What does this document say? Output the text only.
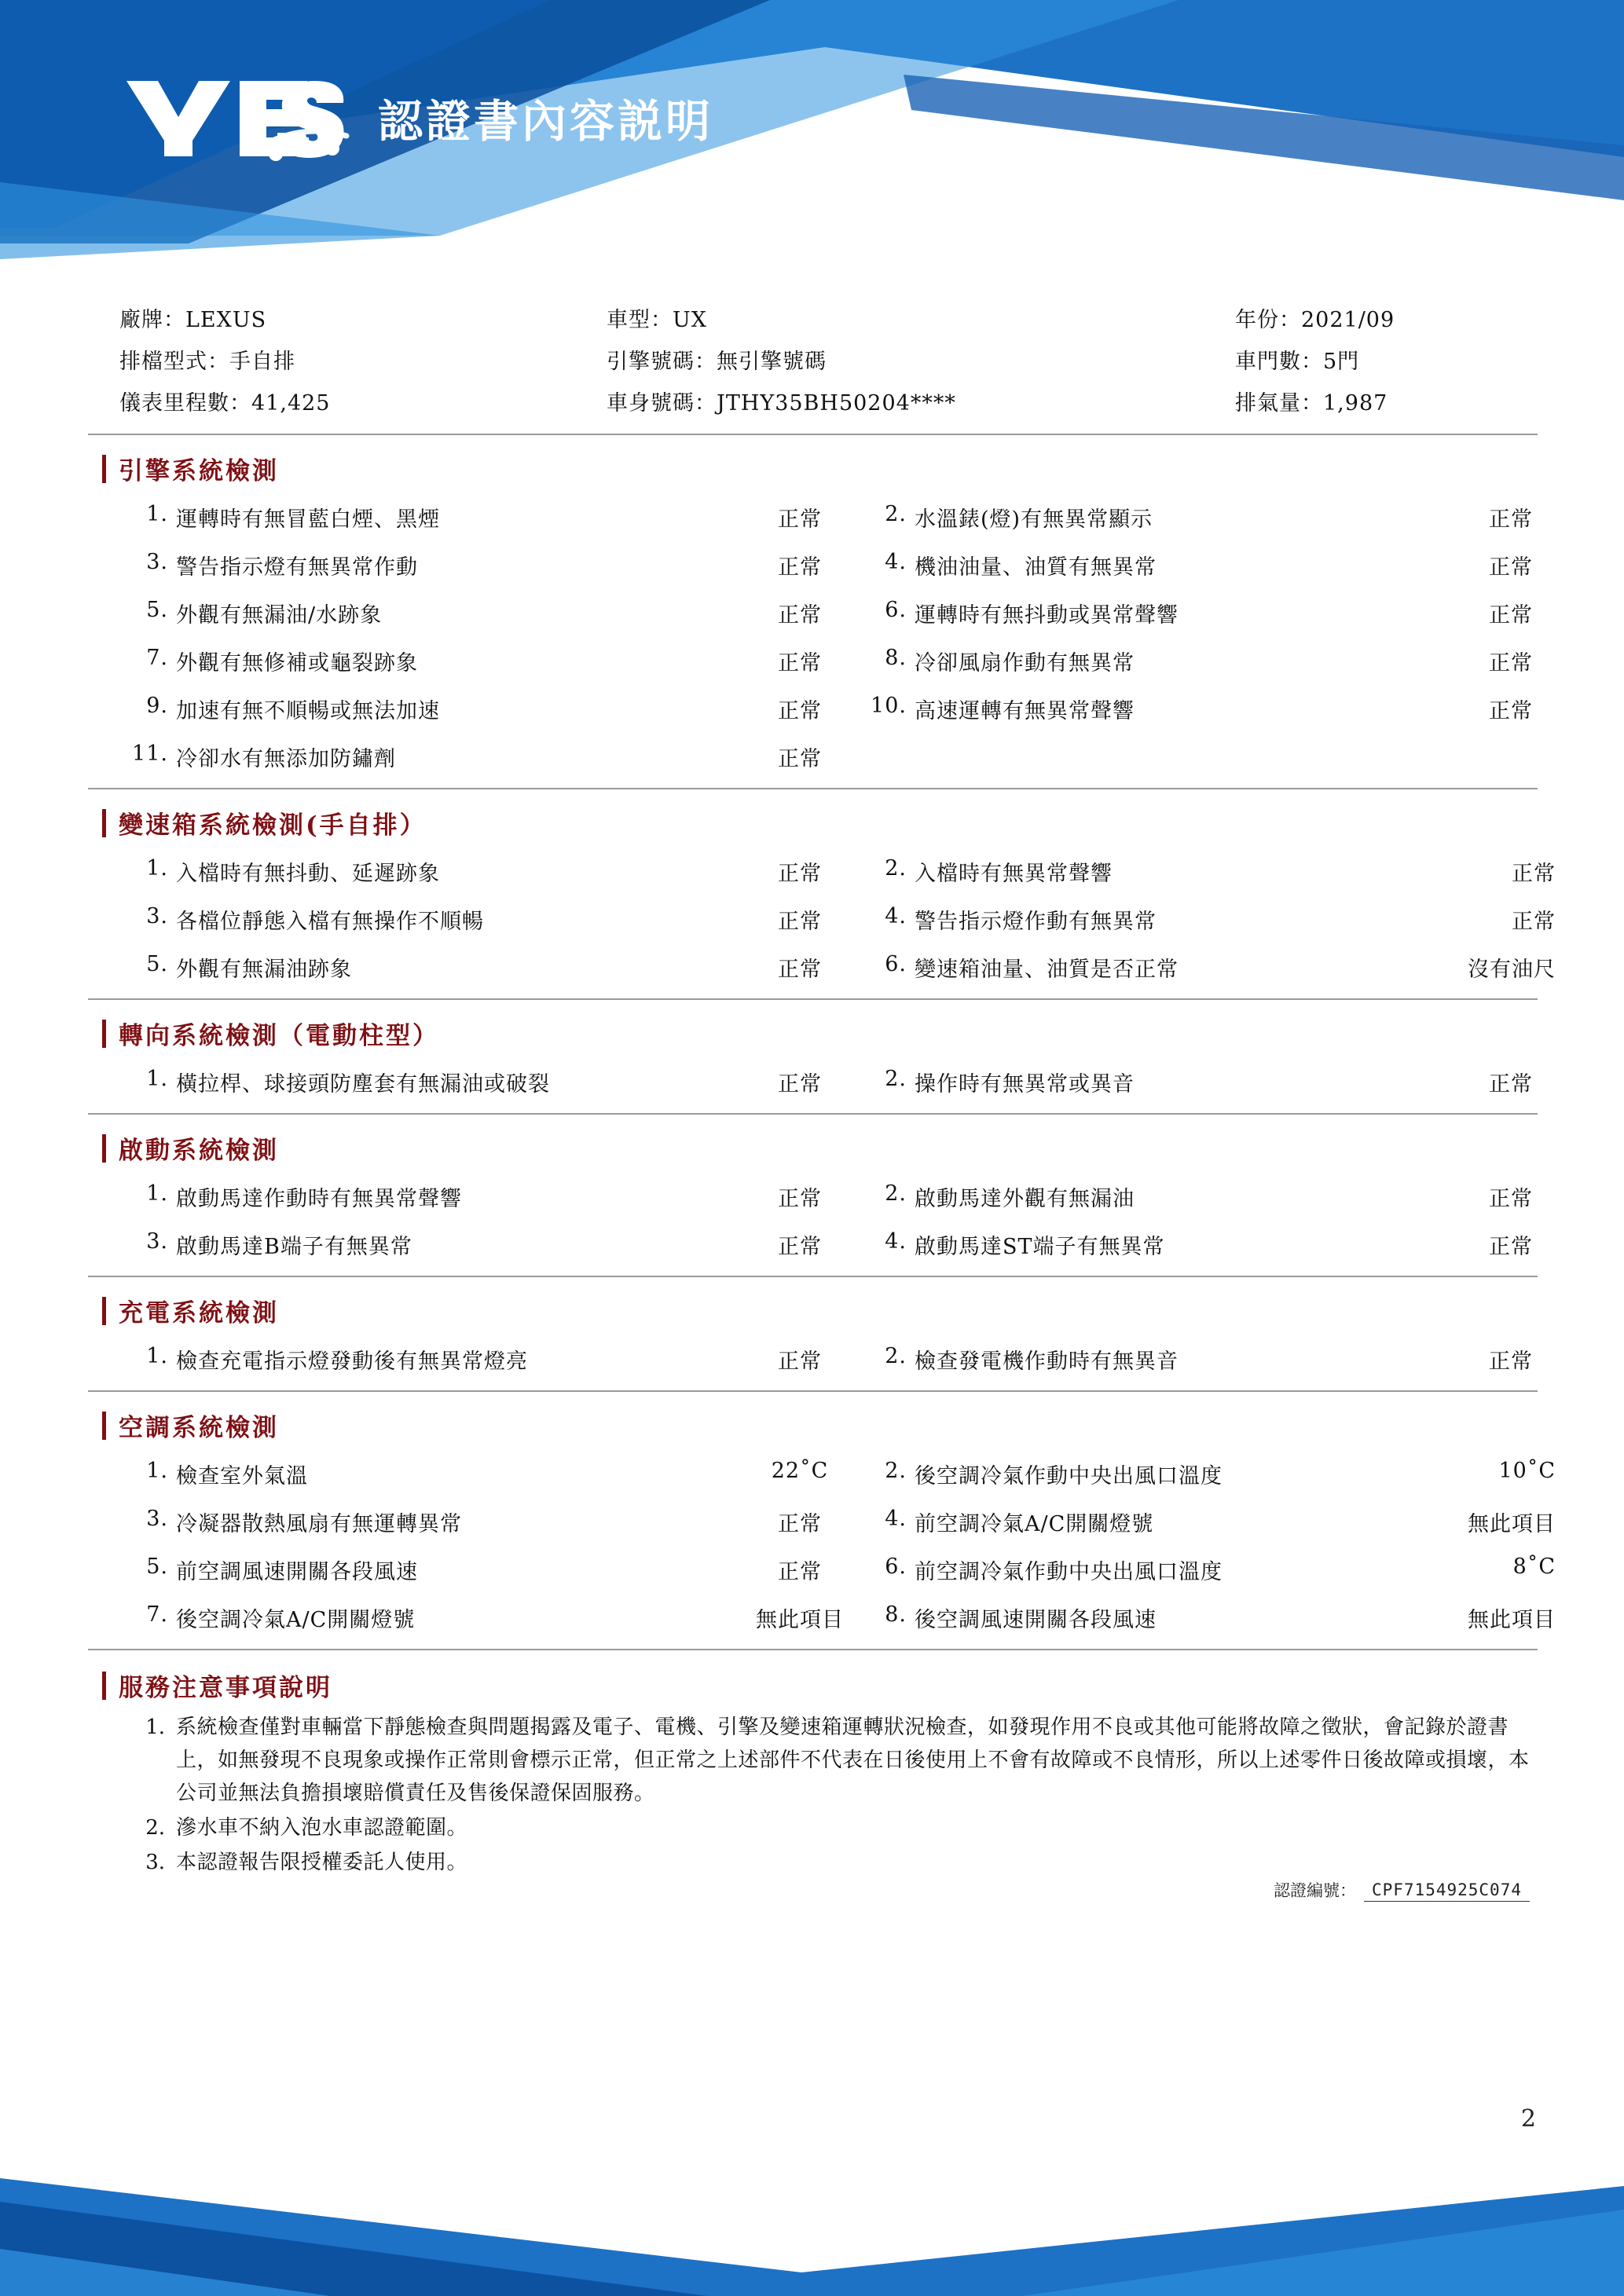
認證書內容説明
廠牌：LEXUS	車型：UX	年份：2021/09
排檔型式：手自排	引擎號碼：無引擎號碼	車門數：5門
儀表里程數：41,425	車身號碼：JTHY35BH50204****	排氣量：1,987
引擎系統檢測
1. 運轉時有無冒藍白煙、黑煙	正常	2. 水溫錶(燈)有無異常顯示	正常
3. 警告指示燈有無異常作動	正常	4. 機油油量、油質有無異常	正常
5. 外觀有無漏油/水跡象	正常	6. 運轉時有無抖動或異常聲響	正常
7. 外觀有無修補或龜裂跡象	正常	8. 冷卻風扇作動有無異常	正常
9. 加速有無不順暢或無法加速	正常	10. 高速運轉有無異常聲響	正常
11. 冷卻水有無添加防鏽劑	正常
變速箱系統檢測(手自排）
1. 入檔時有無抖動、延遲跡象	正常	2. 入檔時有無異常聲響	正常
3. 各檔位靜態入檔有無操作不順暢	正常	4. 警告指示燈作動有無異常	正常
5. 外觀有無漏油跡象	正常	6. 變速箱油量、油質是否正常	沒有油尺
轉向系統檢測（電動柱型）
1. 橫拉桿、球接頭防塵套有無漏油或破裂	正常	2. 操作時有無異常或異音	正常
啟動系統檢測
1. 啟動馬達作動時有無異常聲響	正常	2. 啟動馬達外觀有無漏油	正常
3. 啟動馬達B端子有無異常	正常	4. 啟動馬達ST端子有無異常	正常
充電系統檢測
1. 檢查充電指示燈發動後有無異常燈亮	正常	2. 檢查發電機作動時有無異音	正常
空調系統檢測
1. 檢查室外氣溫	22˚C	2. 後空調冷氣作動中央出風口溫度	10˚C
3. 冷凝器散熱風扇有無運轉異常	正常	4. 前空調冷氣A/C開關燈號	無此項目
5. 前空調風速開關各段風速	正常	6. 前空調冷氣作動中央出風口溫度	8˚C
7. 後空調冷氣A/C開關燈號	無此項目	8. 後空調風速開關各段風速	無此項目
服務注意事項說明
1. 系統檢查僅對車輛當下靜態檢查與問題揭露及電子、電機、引擎及變速箱運轉狀況檢查，如發現作用不良或其他可能將故障之徵狀，會記錄於證書上，如無發現不良現象或操作正常則會標示正常，但正常之上述部件不代表在日後使用上不會有故障或不良情形，所以上述零件日後故障或損壞，本公司並無法負擔損壞賠償責任及售後保證保固服務。
2. 滲水車不納入泡水車認證範圍。
3. 本認證報告限授權委託人使用。
認證編號： CPF7154925C074
2
